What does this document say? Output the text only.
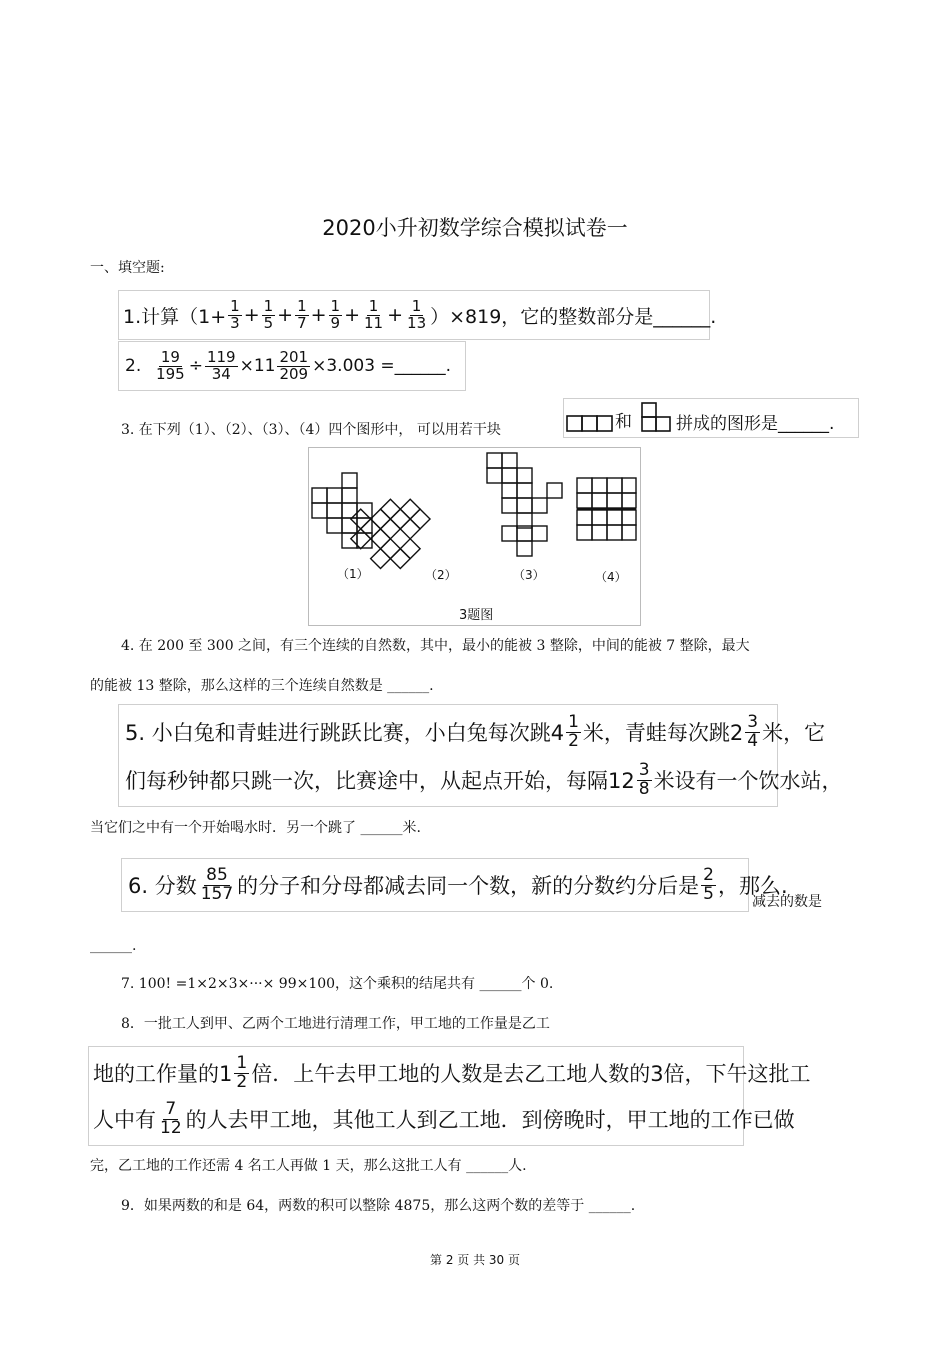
2020小升初数学综合模拟试卷一
一、填空题:
1.计算$(1+ \frac{1}{3} + \frac{1}{5} + \frac{1}{7} + \frac{1}{9} + \frac{1}{11} + \frac{1}{13} )\times 819$，它的整数部分是______.
2.
$\frac{19}{195} \div \frac{119}{34} \times 11 \frac{201}{209} \times 3.003$ =______.
3. 在下列（1）、（2）、（3）、（4）四个图形中， 可以用若干块	和	拼成的图形是______.
（1）	（2）	（3）	（4）
3题图
4. 在 200 至 300 之间，有三个连续的自然数，其中，最小的能被 3 整除，中间的能被 7 整除，最大
的能被 13 整除，那么这样的三个连续自然数是 ______.
5. 小白兔和青蛙进行跳跃比赛，小白兔每次跳$4 \frac{1}{2}$ 米，青蛙每次跳$2 \frac{3}{4}$ 米，它
们每秒钟都只跳一次，比赛途中，从起点开始，每隔$12 \frac{3}{8}$ 米设有一个饮水站，
当它们之中有一个开始喝水时．另一个跳了 ______米.
6. 分数 $\frac{85}{157}$ 的分子和分母都减去同一个数，新的分数约分后是 $\frac{2}{5}$ ，那么.
减去的数是
______.
7. 100! =1×2×3×···× 99×100，这个乘积的结尾共有 ______个 0.
8．一批工人到甲、乙两个工地进行清理工作，甲工地的工作量是乙工
地的工作量的$1 \frac{1}{2}$ 倍．上午去甲工地的人数是去乙工地人数的3倍，下午这批工
人中有 $\frac{7}{12}$ 的人去甲工地，其他工人到乙工地．到傍晚时，甲工地的工作已做
完，乙工地的工作还需 4 名工人再做 1 天，那么这批工人有 ______人.
9．如果两数的和是 64，两数的积可以整除 4875，那么这两个数的差等于 ______.
第 2 页 共 30 页
